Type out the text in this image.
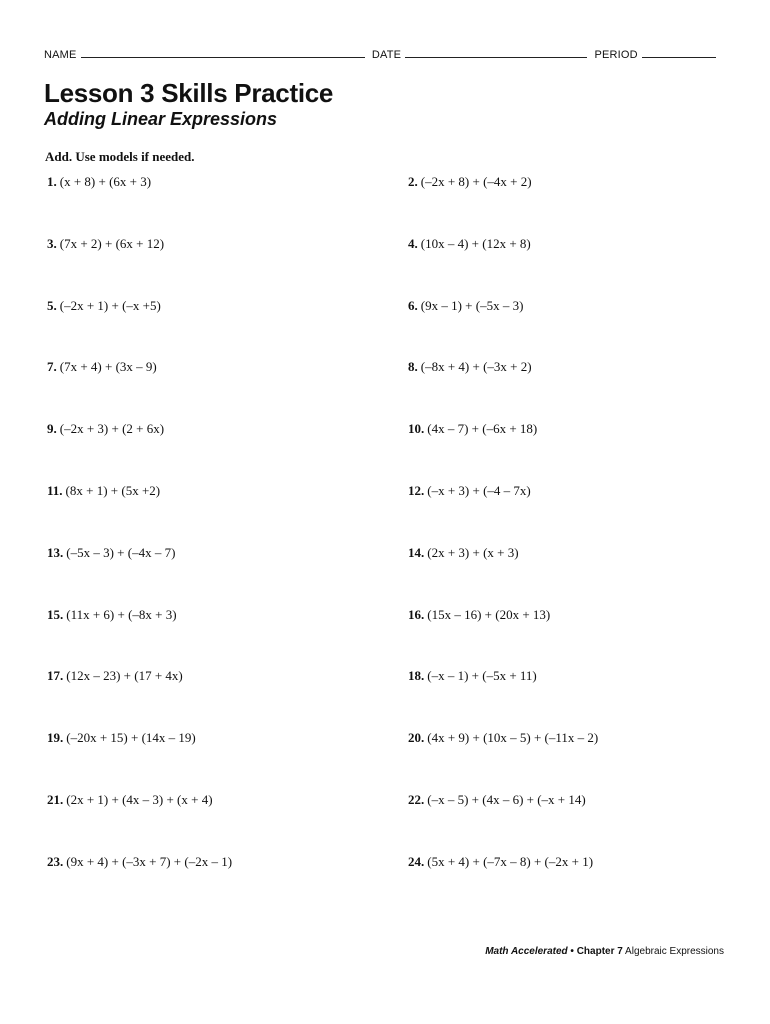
NAME	DATE	PERIOD
Lesson 3 Skills Practice
Adding Linear Expressions
Add. Use models if needed.
1. (x + 8) + (6x + 3)	2. (–2x + 8) + (–4x + 2)
3. (7x + 2) + (6x + 12)	4. (10x – 4) + (12x + 8)
5. (–2x + 1) + (–x +5)	6. (9x – 1) + (–5x – 3)
7. (7x + 4) + (3x – 9)	8. (–8x + 4) + (–3x + 2)
9. (–2x + 3) + (2 + 6x)	10. (4x – 7) + (–6x + 18)
11. (8x + 1) + (5x +2)	12. (–x + 3) + (–4 – 7x)
13. (–5x – 3) + (–4x – 7)	14. (2x + 3) + (x + 3)
15. (11x + 6) + (–8x + 3)	16. (15x – 16) + (20x + 13)
17. (12x – 23) + (17 + 4x)	18. (–x – 1) + (–5x + 11)
19. (–20x + 15) + (14x – 19)	20. (4x + 9) + (10x – 5) + (–11x – 2)
21. (2x + 1) + (4x – 3) + (x + 4)	22. (–x – 5) + (4x – 6) + (–x + 14)
23. (9x + 4) + (–3x + 7) + (–2x – 1)	24. (5x + 4) + (–7x – 8) + (–2x + 1)
Math Accelerated • Chapter 7 Algebraic Expressions
